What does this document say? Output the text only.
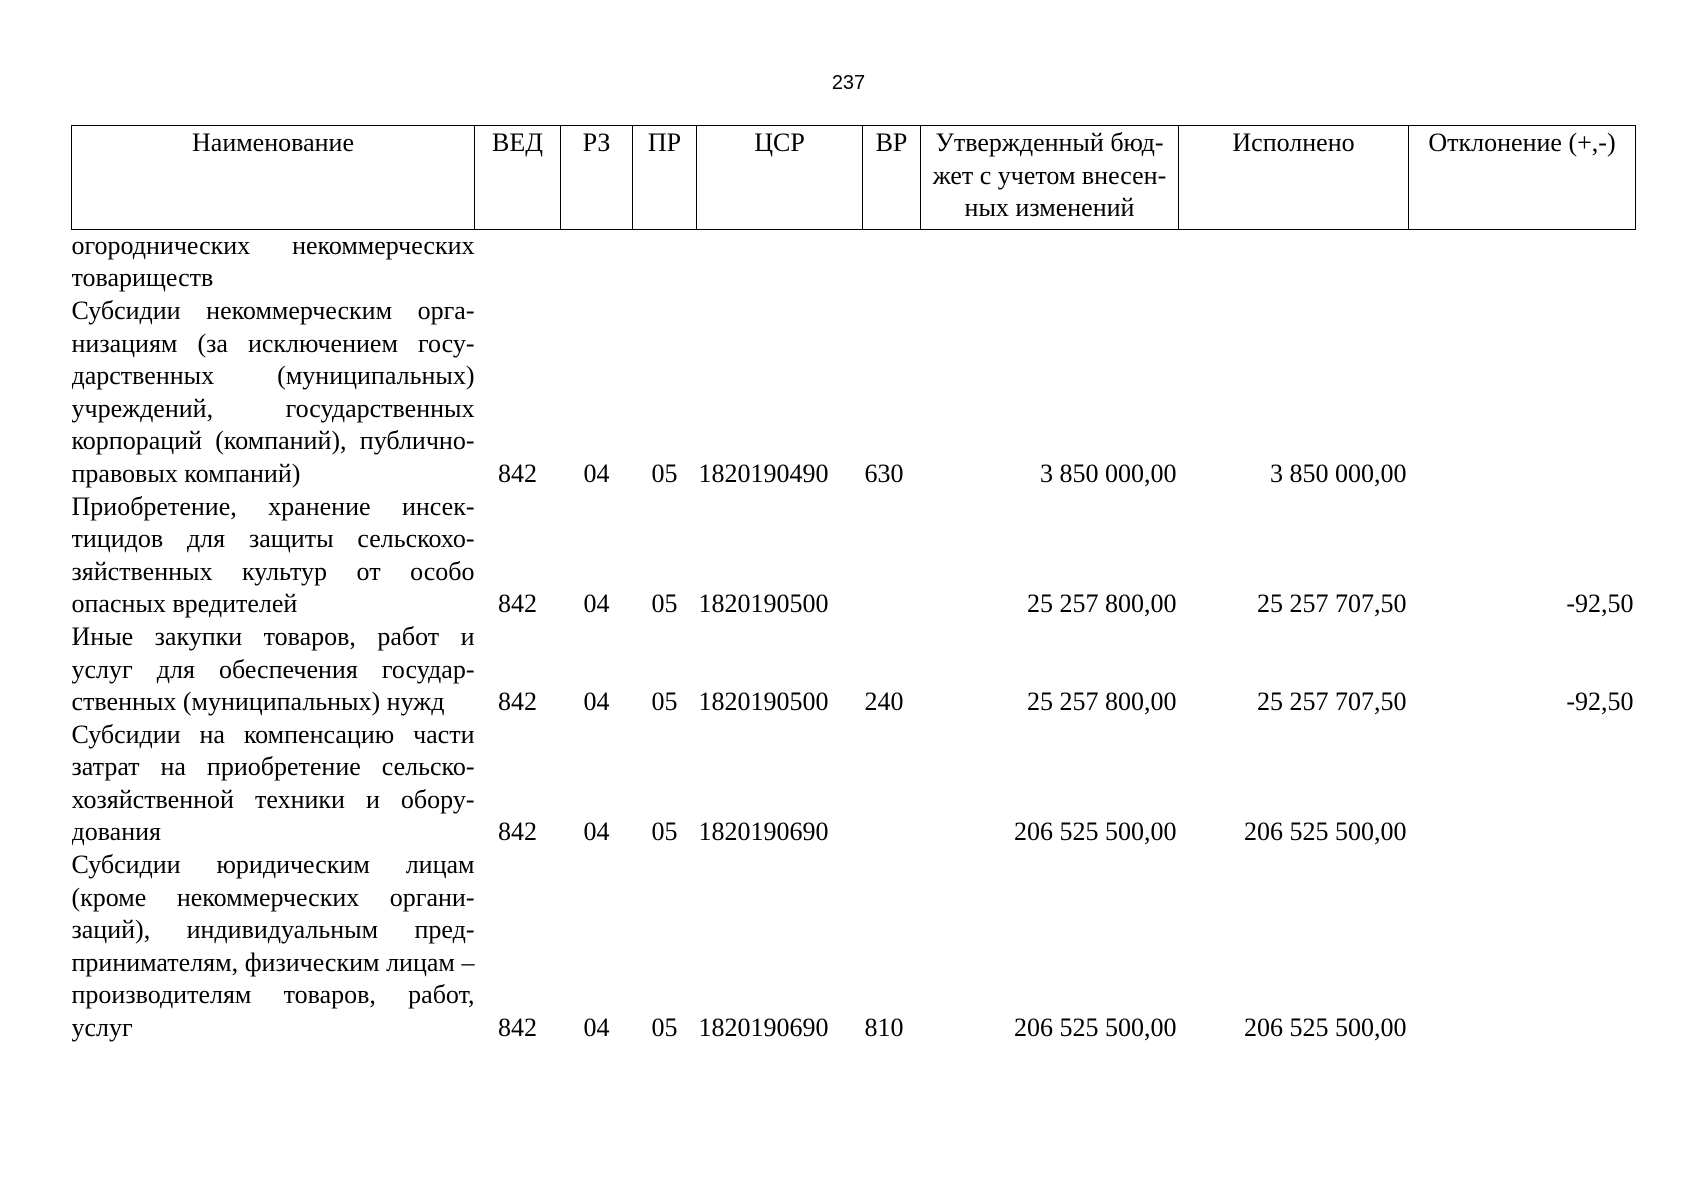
237
Наименование	ВЕД	РЗ	ПР	ЦСР	ВР	Утвержденный бюд-
жет с учетом внесен-
ных изменений	Исполнено	Отклонение (+,-)
огороднических некоммерческих товариществ								
Субсидии некоммерческим организациям (за исключением государственных (муниципальных) учреждений, государственных корпораций (компаний), публично-правовых компаний)	842	04	05	1820190490	630	3 850 000,00	3 850 000,00	
Приобретение, хранение инсектицидов для защиты сельскохозяйственных культур от особо опасных вредителей	842	04	05	1820190500		25 257 800,00	25 257 707,50	-92,50
Иные закупки товаров, работ и услуг для обеспечения государственных (муниципальных) нужд	842	04	05	1820190500	240	25 257 800,00	25 257 707,50	-92,50
Субсидии на компенсацию части затрат на приобретение сельскохозяйственной техники и оборудования	842	04	05	1820190690		206 525 500,00	206 525 500,00	
Субсидии юридическим лицам (кроме некоммерческих организаций), индивидуальным предпринимателям, физическим лицам – производителям товаров, работ, услуг	842	04	05	1820190690	810	206 525 500,00	206 525 500,00	
